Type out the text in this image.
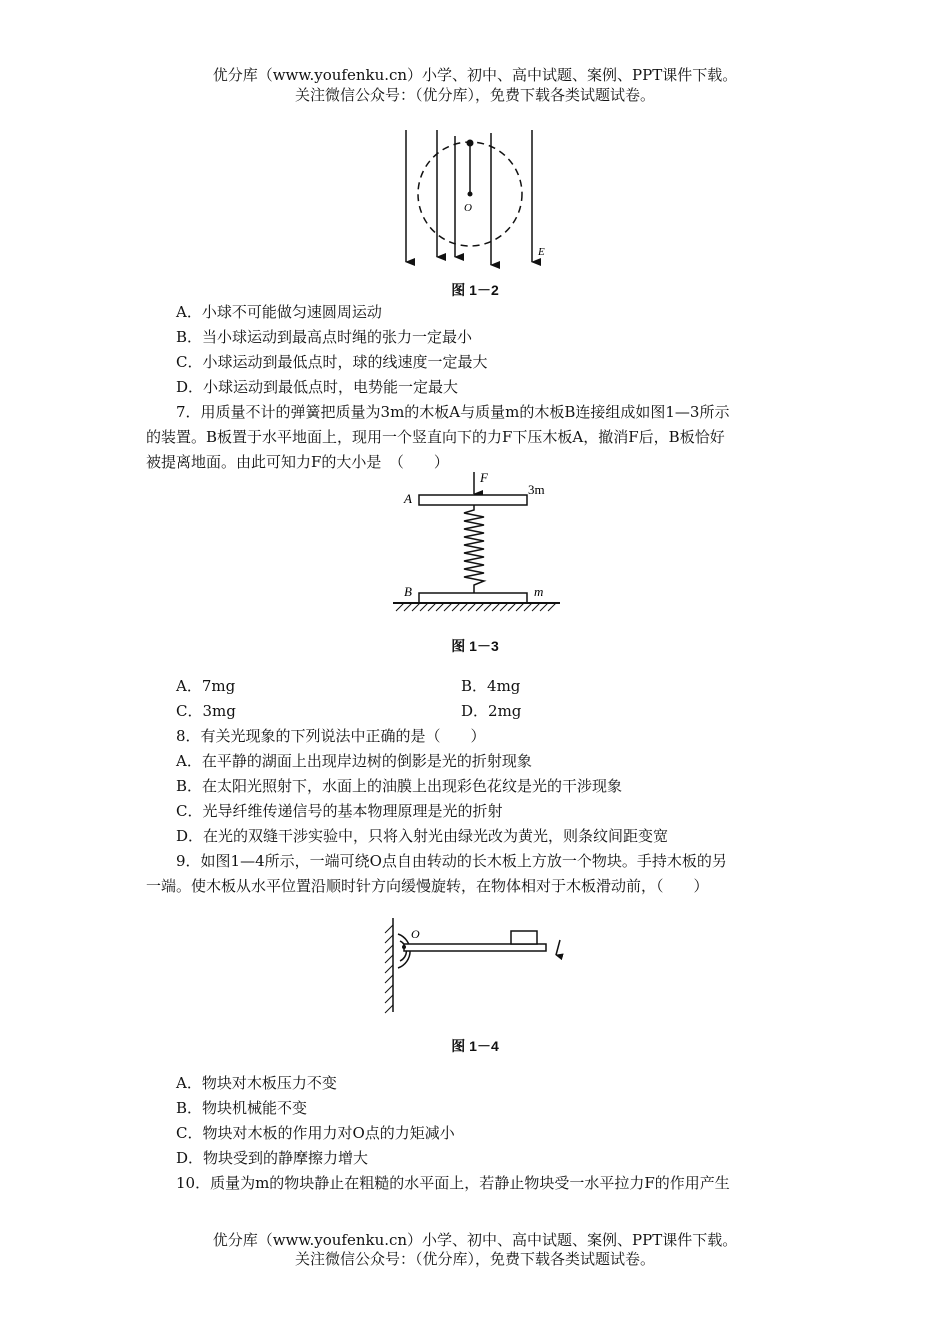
优分库（www.youfenku.cn）小学、初中、高中试题、案例、PPT课件下载。
关注微信公众号：（优分库），免费下载各类试题试卷。
O
E
图 1－2
A．小球不可能做匀速圆周运动
B．当小球运动到最高点时绳的张力一定最小
C．小球运动到最低点时，球的线速度一定最大
D．小球运动到最低点时，电势能一定最大
7．用质量不计的弹簧把质量为3m的木板A与质量m的木板B连接组成如图1—3所示
的装置。B板置于水平地面上，现用一个竖直向下的力F下压木板A，撤消F后，B板恰好
被提离地面。由此可知力F的大小是　（　　）
F
A
3m
B	m
图 1－3
A．7mg	B．4mg
C．3mg	D．2mg
8．有关光现象的下列说法中正确的是（　　）
A．在平静的湖面上出现岸边树的倒影是光的折射现象
B．在太阳光照射下，水面上的油膜上出现彩色花纹是光的干涉现象
C．光导纤维传递信号的基本物理原理是光的折射
D．在光的双缝干涉实验中，只将入射光由绿光改为黄光，则条纹间距变宽
9．如图1—4所示，一端可绕O点自由转动的长木板上方放一个物块。手持木板的另
一端。使木板从水平位置沿顺时针方向缓慢旋转，在物体相对于木板滑动前，（　　）
O
图 1－4
A．物块对木板压力不变
B．物块机械能不变
C．物块对木板的作用力对O点的力矩减小
D．物块受到的静摩擦力增大
10．质量为m的物块静止在粗糙的水平面上，若静止物块受一水平拉力F的作用产生
优分库（www.youfenku.cn）小学、初中、高中试题、案例、PPT课件下载。
关注微信公众号：（优分库），免费下载各类试题试卷。
